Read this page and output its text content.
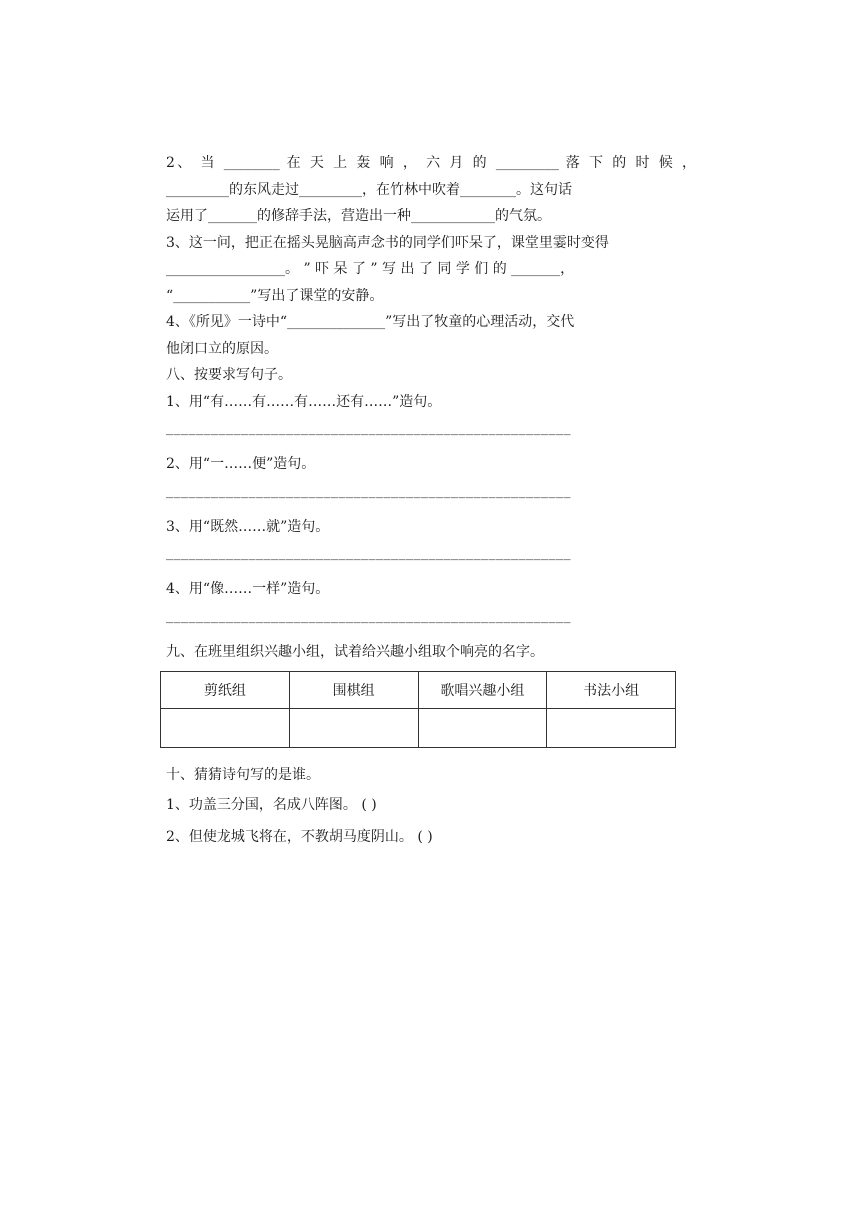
2、 当 ________ 在 天 上 轰 响 ， 六 月 的 _________ 落 下 的 时 候 ，
_________的东风走过_________，在竹林中吹着________。这句话
运用了_______的修辞手法，营造出一种____________的气氛。
3、这一问，把正在摇头晃脑高声念书的同学们吓呆了，课堂里霎时变得
_________________。 ” 吓 呆 了 ” 写 出 了 同 学 们 的 _______，
“___________”写出了课堂的安静。
4、《所见》一诗中“______________”写出了牧童的心理活动，交代
他闭口立的原因。
八、按要求写句子。
1、用“有……有……有……还有……”造句。
______________________________________________________
2、用“一……便”造句。
______________________________________________________
3、用“既然……就”造句。
______________________________________________________
4、用“像……一样”造句。
______________________________________________________
九、在班里组织兴趣小组，试着给兴趣小组取个响亮的名字。
剪纸组	围棋组	歌唱兴趣小组	书法小组

十、猜猜诗句写的是谁。
1、功盖三分国，名成八阵图。 ( )
2、但使龙城飞将在，不教胡马度阴山。 ( )
